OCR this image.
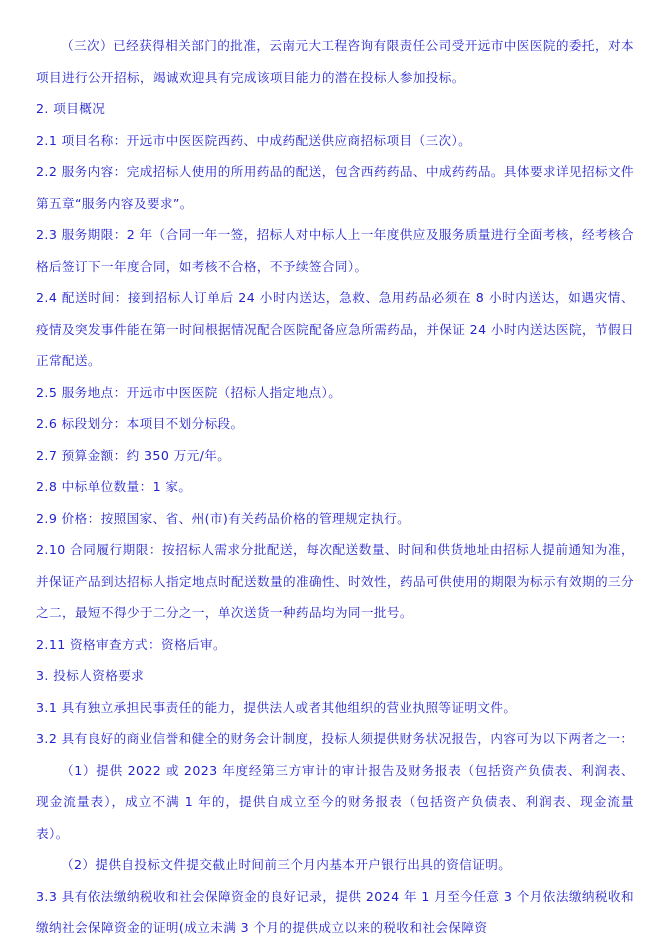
（三次）已经获得相关部门的批准，云南元大工程咨询有限责任公司受开远市中医医院的委托，对本项目进行公开招标，竭诚欢迎具有完成该项目能力的潜在投标人参加投标。

2. 项目概况

2.1 项目名称：开远市中医医院西药、中成药配送供应商招标项目（三次）。

2.2 服务内容：完成招标人使用的所用药品的配送，包含西药药品、中成药药品。具体要求详见招标文件第五章“服务内容及要求”。

2.3 服务期限：2 年（合同一年一签，招标人对中标人上一年度供应及服务质量进行全面考核，经考核合格后签订下一年度合同，如考核不合格，不予续签合同）。

2.4 配送时间：接到招标人订单后 24 小时内送达，急救、急用药品必须在 8 小时内送达，如遇灾情、疫情及突发事件能在第一时间根据情况配合医院配备应急所需药品，并保证 24 小时内送达医院，节假日正常配送。

2.5 服务地点：开远市中医医院（招标人指定地点）。

2.6 标段划分：本项目不划分标段。

2.7 预算金额：约 350 万元/年。

2.8 中标单位数量：1 家。

2.9 价格：按照国家、省、州(市)有关药品价格的管理规定执行。

2.10 合同履行期限：按招标人需求分批配送，每次配送数量、时间和供货地址由招标人提前通知为准，并保证产品到达招标人指定地点时配送数量的准确性、时效性，药品可供使用的期限为标示有效期的三分之二，最短不得少于二分之一，单次送货一种药品均为同一批号。

2.11 资格审查方式：资格后审。

3. 投标人资格要求

3.1 具有独立承担民事责任的能力，提供法人或者其他组织的营业执照等证明文件。

3.2 具有良好的商业信誉和健全的财务会计制度，投标人须提供财务状况报告，内容可为以下两者之一：

（1）提供 2022 或 2023 年度经第三方审计的审计报告及财务报表（包括资产负债表、利润表、现金流量表），成立不满 1 年的，提供自成立至今的财务报表（包括资产负债表、利润表、现金流量表）。

（2）提供自投标文件提交截止时间前三个月内基本开户银行出具的资信证明。

3.3 具有依法缴纳税收和社会保障资金的良好记录，提供 2024 年 1 月至今任意 3 个月依法缴纳税收和缴纳社会保障资金的证明(成立未满 3 个月的提供成立以来的税收和社会保障资
